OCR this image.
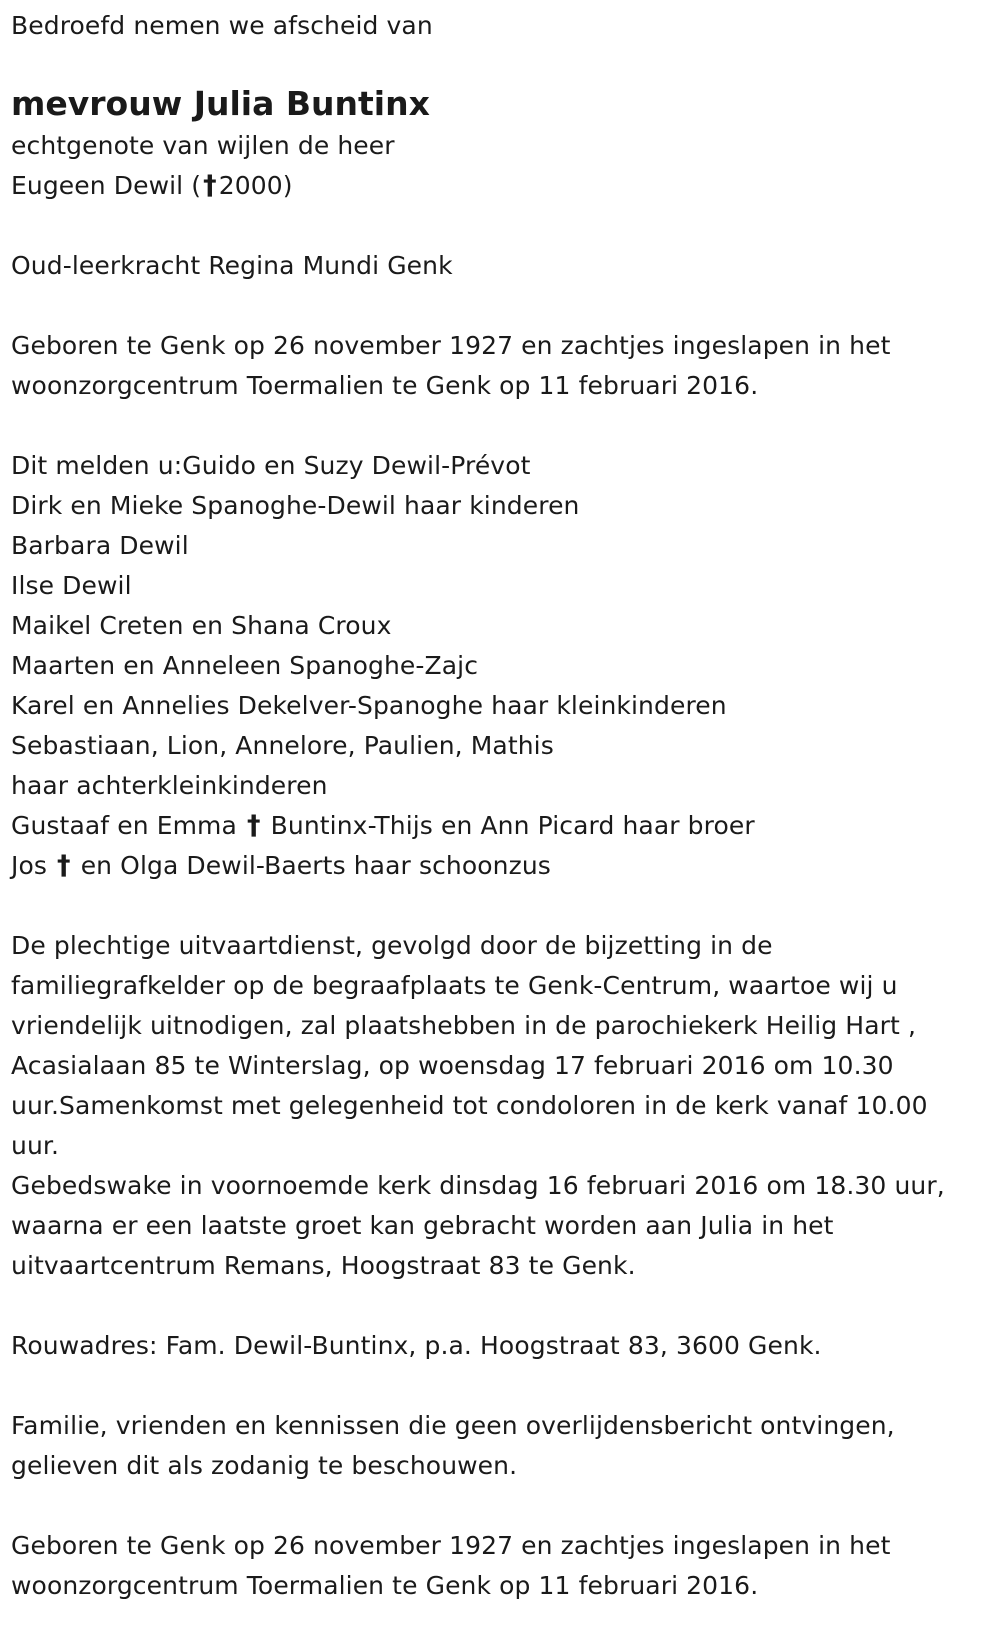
Bedroefd nemen we afscheid van
mevrouw Julia Buntinx
echtgenote van wijlen de heer
Eugeen Dewil (†2000)
Oud-leerkracht Regina Mundi Genk
Geboren te Genk op 26 november 1927 en zachtjes ingeslapen in het
woonzorgcentrum Toermalien te Genk op 11 februari 2016.
Dit melden u:Guido en Suzy Dewil-Prévot
Dirk en Mieke Spanoghe-Dewil haar kinderen
Barbara Dewil
Ilse Dewil
Maikel Creten en Shana Croux
Maarten en Anneleen Spanoghe-Zajc
Karel en Annelies Dekelver-Spanoghe haar kleinkinderen
Sebastiaan, Lion, Annelore, Paulien, Mathis
haar achterkleinkinderen
Gustaaf en Emma † Buntinx-Thijs en Ann Picard haar broer
Jos † en Olga Dewil-Baerts haar schoonzus
De plechtige uitvaartdienst, gevolgd door de bijzetting in de
familiegrafkelder op de begraafplaats te Genk-Centrum, waartoe wij u
vriendelijk uitnodigen, zal plaatshebben in de parochiekerk Heilig Hart ,
Acasialaan 85 te Winterslag, op woensdag 17 februari 2016 om 10.30
uur.Samenkomst met gelegenheid tot condoloren in de kerk vanaf 10.00
uur.
Gebedswake in voornoemde kerk dinsdag 16 februari 2016 om 18.30 uur,
waarna er een laatste groet kan gebracht worden aan Julia in het
uitvaartcentrum Remans, Hoogstraat 83 te Genk.
Rouwadres: Fam. Dewil-Buntinx, p.a. Hoogstraat 83, 3600 Genk.
Familie, vrienden en kennissen die geen overlijdensbericht ontvingen,
gelieven dit als zodanig te beschouwen.
Geboren te Genk op 26 november 1927 en zachtjes ingeslapen in het
woonzorgcentrum Toermalien te Genk op 11 februari 2016.
